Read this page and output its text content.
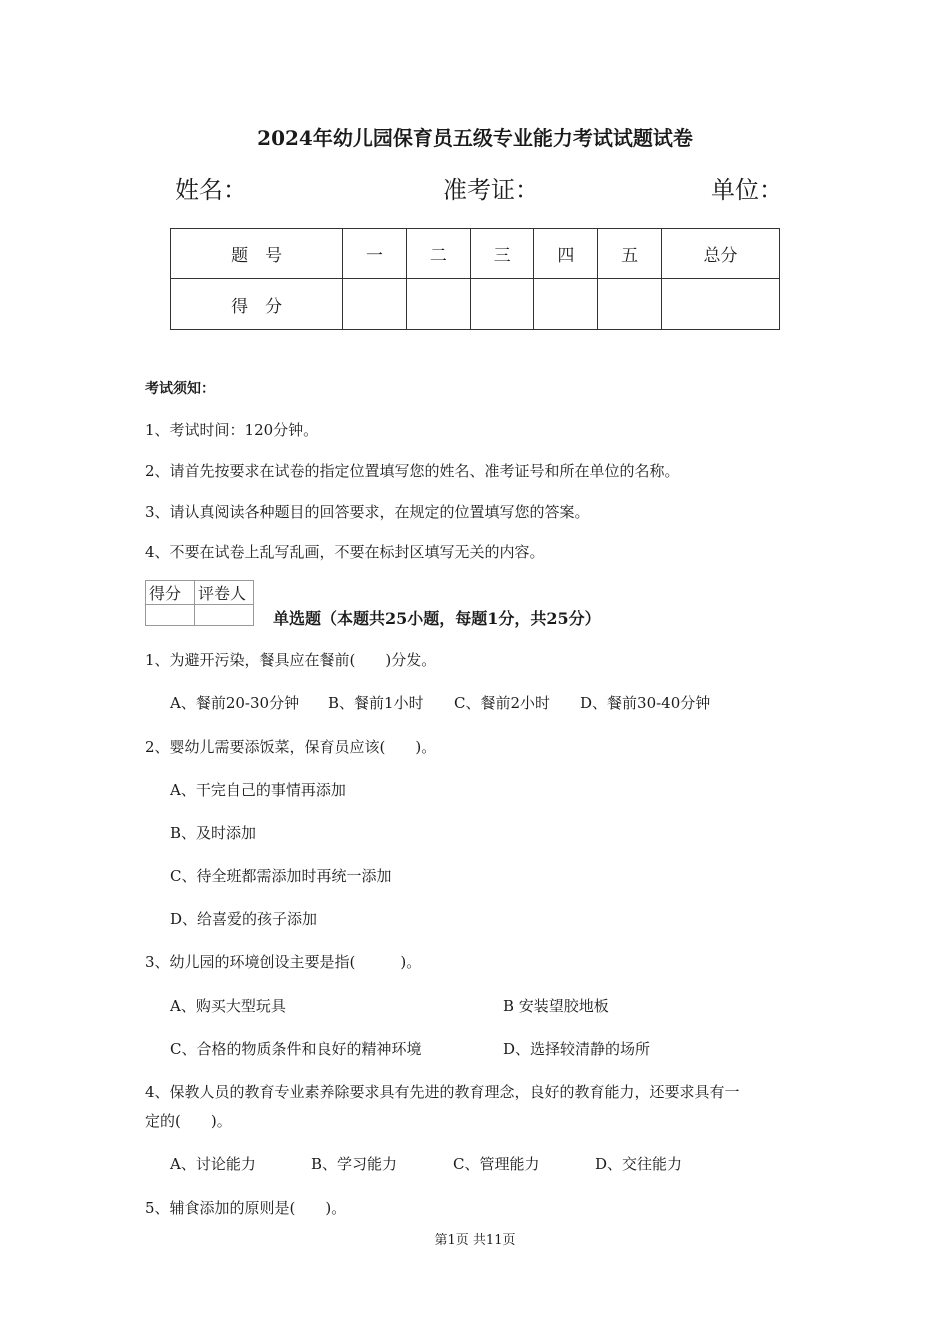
2024年幼儿园保育员五级专业能力考试试题试卷
姓名：	准考证：	单位：
题　号	一	二	三	四	五	总分
得　分						
考试须知：
1、考试时间：120分钟。
2、请首先按要求在试卷的指定位置填写您的姓名、准考证号和所在单位的名称。
3、请认真阅读各种题目的回答要求，在规定的位置填写您的答案。
4、不要在试卷上乱写乱画，不要在标封区填写无关的内容。
得分	评卷人

单选题（本题共25小题，每题1分，共25分）
1、为避开污染，餐具应在餐前(　　)分发。
A、餐前20-30分钟 B、餐前1小时 C、餐前2小时 D、餐前30-40分钟
2、婴幼儿需要添饭菜，保育员应该(　　)。
A、干完自己的事情再添加
B、及时添加
C、待全班都需添加时再统一添加
D、给喜爱的孩子添加
3、幼儿园的环境创设主要是指(　　　)。
A、购买大型玩具	B 安装望胶地板
C、合格的物质条件和良好的精神环境	D、选择较清静的场所
4、保教人员的教育专业素养除要求具有先进的教育理念，良好的教育能力，还要求具有一
定的(　　)。
A、讨论能力	B、学习能力	C、管理能力	D、交往能力
5、辅食添加的原则是(　　)。
第1页 共11页
